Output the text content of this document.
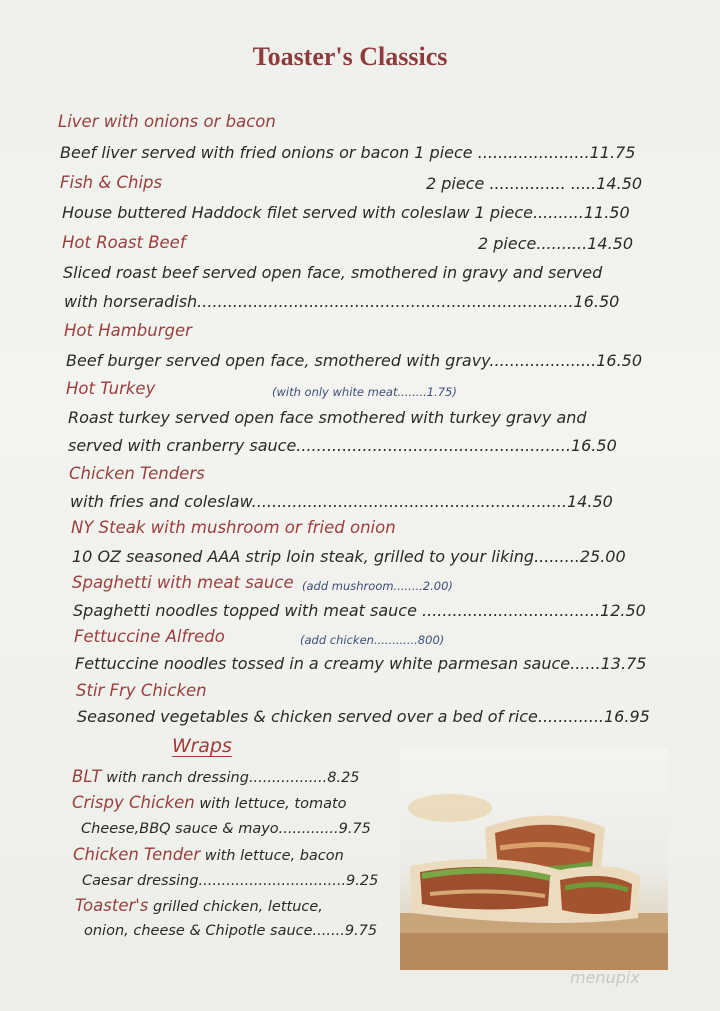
Toaster's Classics
Liver with onions or bacon
Beef liver served with fried onions or bacon 1 piece ......................11.75
Fish & Chips	2 piece ............... .....14.50
House buttered Haddock filet served with coleslaw 1 piece..........11.50
Hot Roast Beef	2 piece..........14.50
Sliced roast beef served open face, smothered in gravy and served
with horseradish..........................................................................16.50
Hot Hamburger
Beef burger served open face, smothered with gravy.....................16.50
Hot Turkey	(with only white meat........1.75)
Roast turkey served open face smothered with turkey gravy and
served with cranberry sauce......................................................16.50
Chicken Tenders
with fries and coleslaw..............................................................14.50
NY Steak with mushroom or fried onion
10 OZ seasoned AAA strip loin steak, grilled to your liking.........25.00
Spaghetti with meat sauce (add mushroom........2.00)
Spaghetti noodles topped with meat sauce ...................................12.50
Fettuccine Alfredo	(add chicken............800)
Fettuccine noodles tossed in a creamy white parmesan sauce......13.75
Stir Fry Chicken
Seasoned vegetables & chicken served over a bed of rice.............16.95
Wraps
BLT with ranch dressing.................8.25
Crispy Chicken with lettuce, tomato
Cheese,BBQ sauce & mayo.............9.75
Chicken Tender with lettuce, bacon
Caesar dressing................................9.25
Toaster's grilled chicken, lettuce,
onion, cheese & Chipotle sauce.......9.75
menupix
